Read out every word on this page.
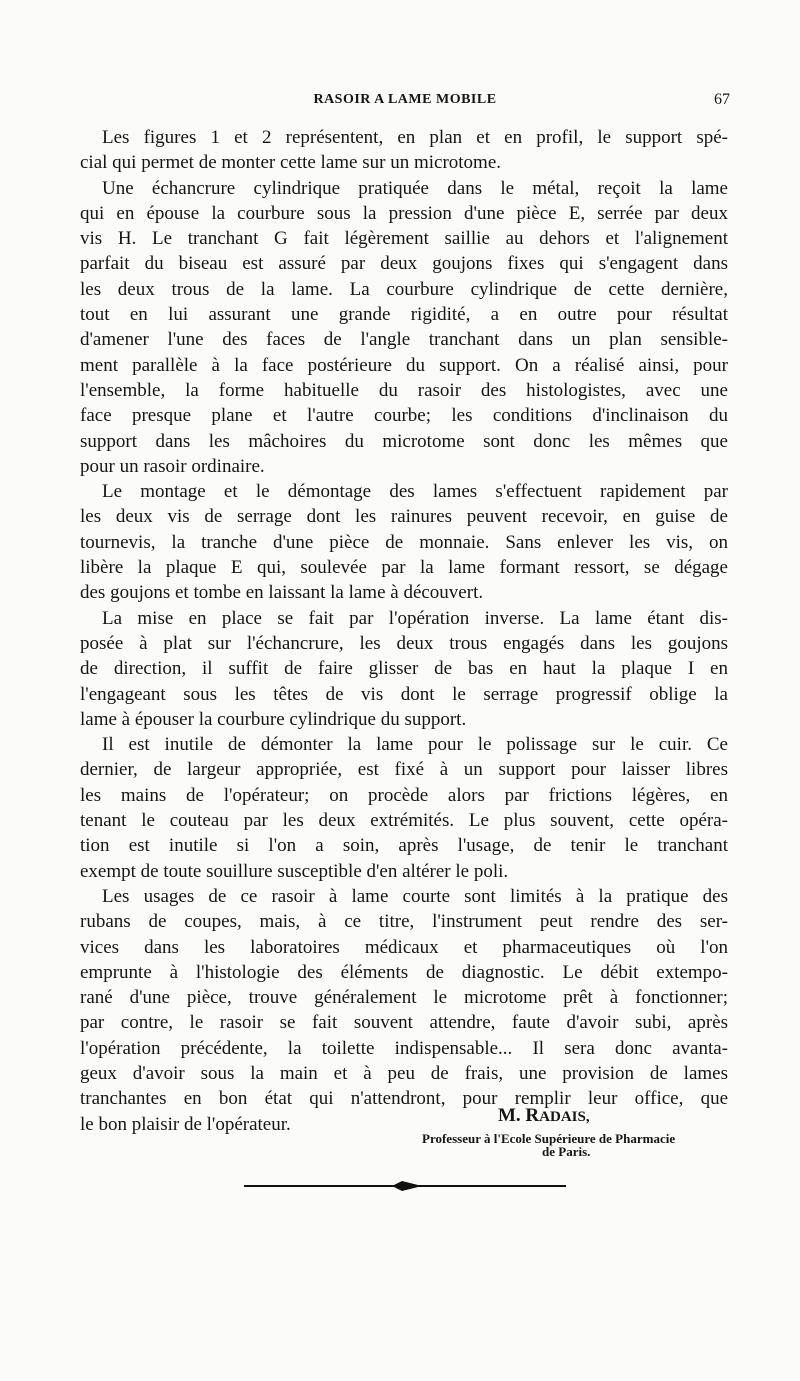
RASOIR A LAME MOBILE	67
Les figures 1 et 2 représentent, en plan et en profil, le support spé-
cial qui permet de monter cette lame sur un microtome.
Une échancrure cylindrique pratiquée dans le métal, reçoit la lame
qui en épouse la courbure sous la pression d'une pièce E, serrée par deux
vis H. Le tranchant G fait légèrement saillie au dehors et l'alignement
parfait du biseau est assuré par deux goujons fixes qui s'engagent dans
les deux trous de la lame. La courbure cylindrique de cette dernière,
tout en lui assurant une grande rigidité, a en outre pour résultat
d'amener l'une des faces de l'angle tranchant dans un plan sensible-
ment parallèle à la face postérieure du support. On a réalisé ainsi, pour
l'ensemble, la forme habituelle du rasoir des histologistes, avec une
face presque plane et l'autre courbe; les conditions d'inclinaison du
support dans les mâchoires du microtome sont donc les mêmes que
pour un rasoir ordinaire.
Le montage et le démontage des lames s'effectuent rapidement par
les deux vis de serrage dont les rainures peuvent recevoir, en guise de
tournevis, la tranche d'une pièce de monnaie. Sans enlever les vis, on
libère la plaque E qui, soulevée par la lame formant ressort, se dégage
des goujons et tombe en laissant la lame à découvert.
La mise en place se fait par l'opération inverse. La lame étant dis-
posée à plat sur l'échancrure, les deux trous engagés dans les goujons
de direction, il suffit de faire glisser de bas en haut la plaque I en
l'engageant sous les têtes de vis dont le serrage progressif oblige la
lame à épouser la courbure cylindrique du support.
Il est inutile de démonter la lame pour le polissage sur le cuir. Ce
dernier, de largeur appropriée, est fixé à un support pour laisser libres
les mains de l'opérateur; on procède alors par frictions légères, en
tenant le couteau par les deux extrémités. Le plus souvent, cette opéra-
tion est inutile si l'on a soin, après l'usage, de tenir le tranchant
exempt de toute souillure susceptible d'en altérer le poli.
Les usages de ce rasoir à lame courte sont limités à la pratique des
rubans de coupes, mais, à ce titre, l'instrument peut rendre des ser-
vices dans les laboratoires médicaux et pharmaceutiques où l'on
emprunte à l'histologie des éléments de diagnostic. Le débit extempo-
rané d'une pièce, trouve généralement le microtome prêt à fonctionner;
par contre, le rasoir se fait souvent attendre, faute d'avoir subi, après
l'opération précédente, la toilette indispensable... Il sera donc avanta-
geux d'avoir sous la main et à peu de frais, une provision de lames
tranchantes en bon état qui n'attendront, pour remplir leur office, que
le bon plaisir de l'opérateur.	M. RADAIS,
Professeur à l'Ecole Supérieure de Pharmacie
de Paris.
